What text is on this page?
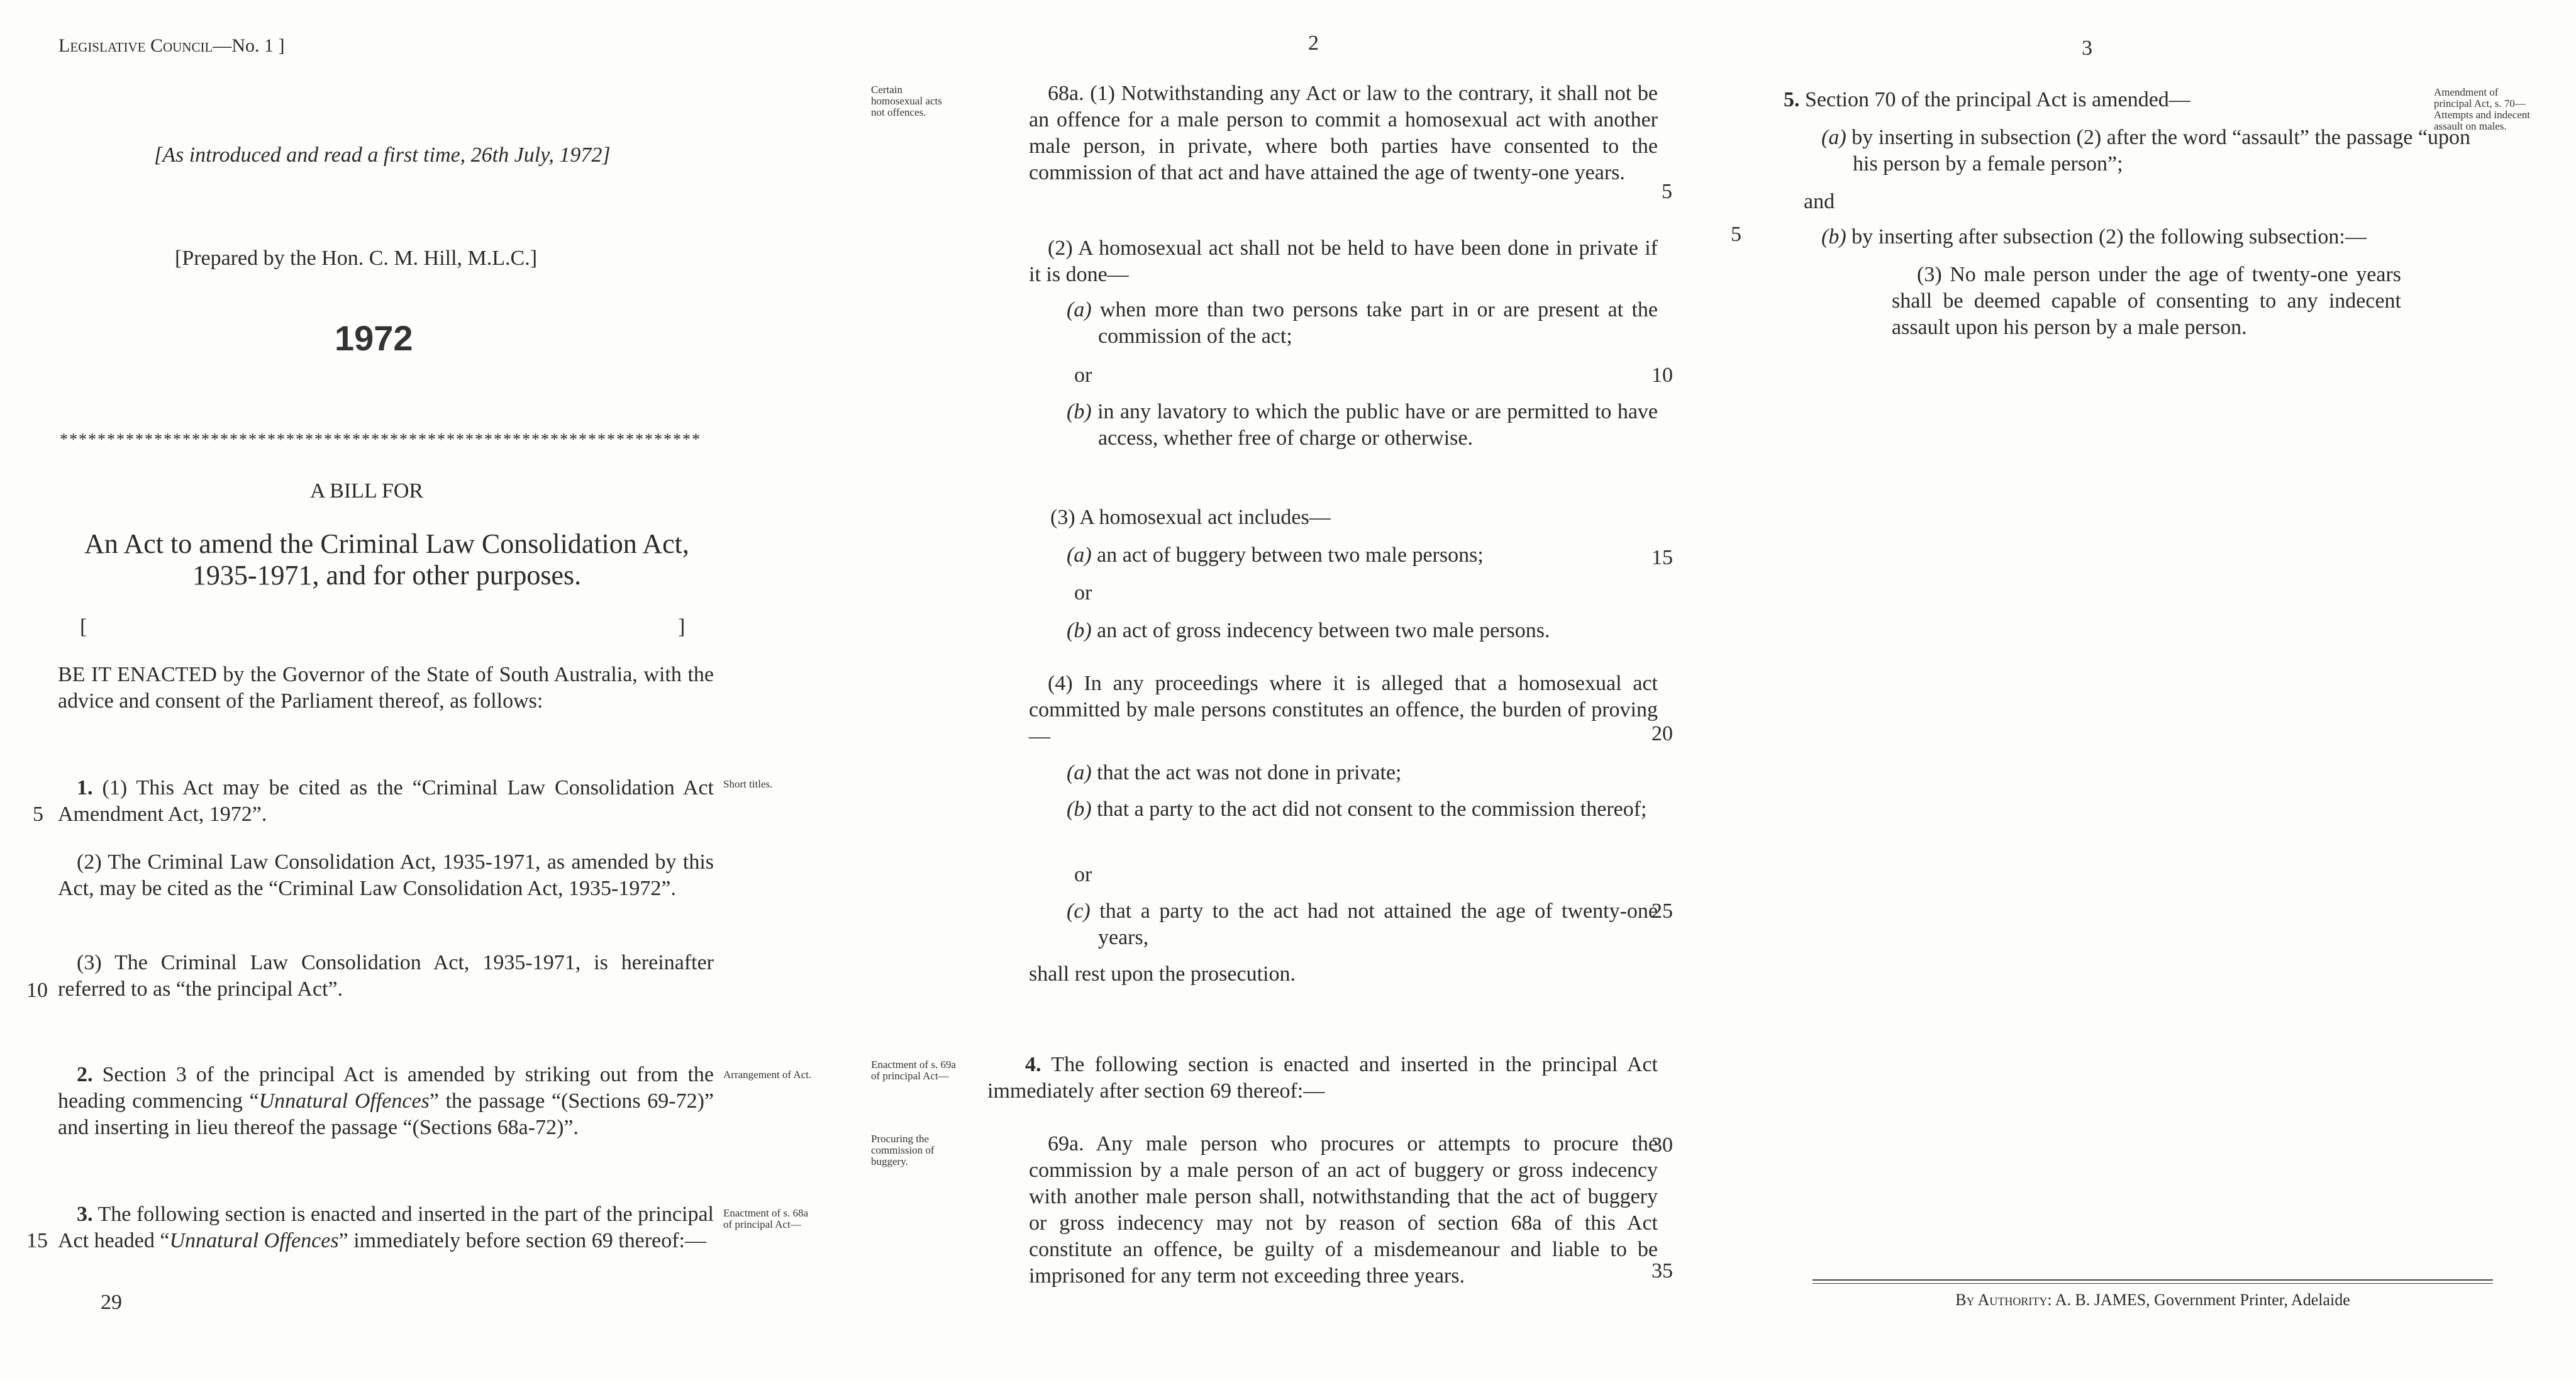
Legislative Council—No. 1 ]
[As introduced and read a first time, 26th July, 1972]
[Prepared by the Hon. C. M. Hill, M.L.C.]
1972
********************************************************************
A BILL FOR
An Act to amend the Criminal Law Consolidation Act, 1935-1971, and for other purposes.
[	]
BE IT ENACTED by the Governor of the State of South Australia, with the advice and consent of the Parliament thereof, as follows:
1. (1) This Act may be cited as the “Criminal Law Consolidation Act Amendment Act, 1972”.
Short titles.
(2) The Criminal Law Consolidation Act, 1935-1971, as amended by this Act, may be cited as the “Criminal Law Consolidation Act, 1935-1972”.
(3) The Criminal Law Consolidation Act, 1935-1971, is hereinafter referred to as “the principal Act”.
2. Section 3 of the principal Act is amended by striking out from the heading commencing “Unnatural Offences” the passage “(Sections 69-72)” and inserting in lieu thereof the passage “(Sections 68a-72)”.
Arrangement of Act.
3. The following section is enacted and inserted in the part of the principal Act headed “Unnatural Offences” immediately before section 69 thereof:—
Enactment of s. 68a of principal Act—
29
5
10
15
2
Certain homosexual acts not offences.
68a. (1) Notwithstanding any Act or law to the contrary, it shall not be an offence for a male person to commit a homosexual act with another male person, in private, where both parties have consented to the commission of that act and have attained the age of twenty-one years.
(2) A homosexual act shall not be held to have been done in private if it is done—
(a) when more than two persons take part in or are present at the commission of the act;
or
(b) in any lavatory to which the public have or are permitted to have access, whether free of charge or otherwise.
(3) A homosexual act includes—
(a) an act of buggery between two male persons;
or
(b) an act of gross indecency between two male persons.
(4) In any proceedings where it is alleged that a homosexual act committed by male persons constitutes an offence, the burden of proving—
(a) that the act was not done in private;
(b) that a party to the act did not consent to the commission thereof;
or
(c) that a party to the act had not attained the age of twenty-one years,
shall rest upon the prosecution.
Enactment of s. 69a of principal Act—	4. The following section is enacted and inserted in the principal Act immediately after section 69 thereof:—
Procuring the commission of buggery.
69a. Any male person who procures or attempts to procure the commission by a male person of an act of buggery or gross indecency with another male person shall, notwithstanding that the act of buggery or gross indecency may not by reason of section 68a of this Act constitute an offence, be guilty of a misdemeanour and liable to be imprisoned for any term not exceeding three years.
5
10
15
20
25
30
35
3
5. Section 70 of the principal Act is amended—	Amendment of principal Act, s. 70— Attempts and indecent assault on males.
(a) by inserting in subsection (2) after the word “assault” the passage “upon his person by a female person”;
and
(b) by inserting after subsection (2) the following subsection:—
(3) No male person under the age of twenty-one years shall be deemed capable of consenting to any indecent assault upon his person by a male person.
5
By Authority: A. B. JAMES, Government Printer, Adelaide
